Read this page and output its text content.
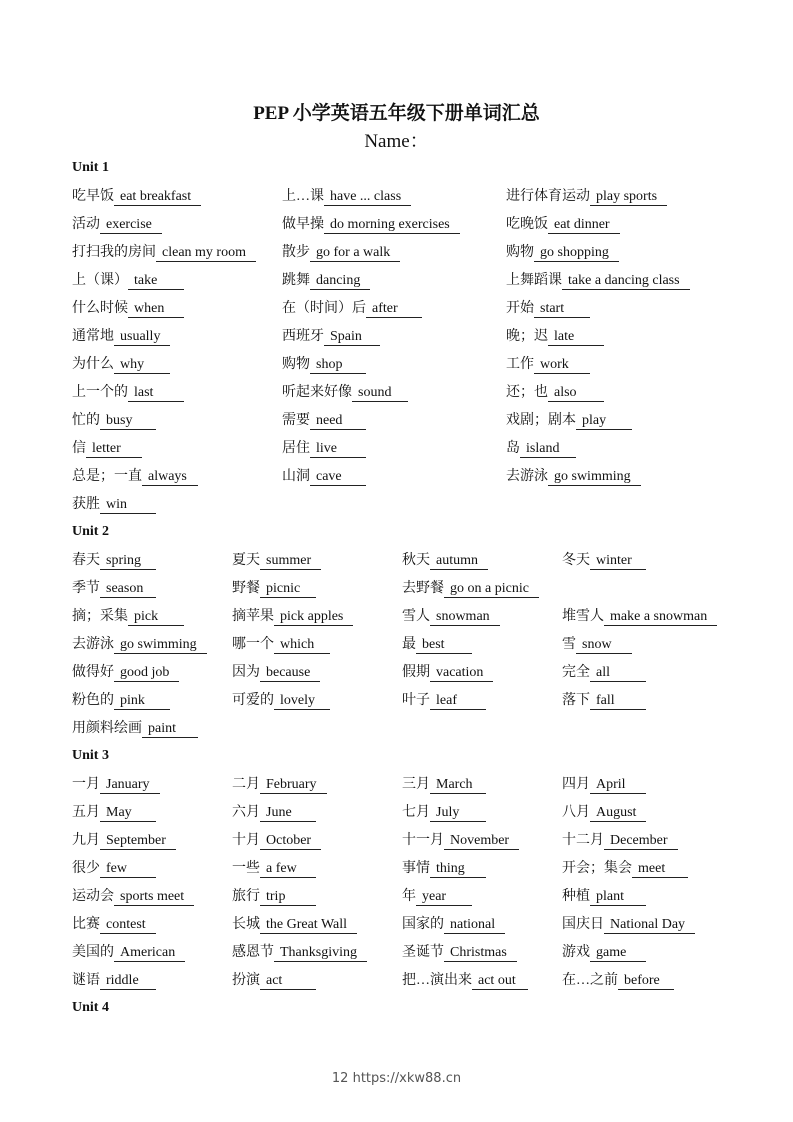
PEP 小学英语五年级下册单词汇总
Name：
Unit 1
吃早饭 eat breakfast	上…课 have ... class	进行体育运动 play sports
活动 exercise	做早操 do morning exercises	吃晚饭 eat dinner
打扫我的房间 clean my room	散步 go for a walk	购物 go shopping
上（课） take	跳舞 dancing	上舞蹈课 take a dancing class
什么时候 when	在（时间）后 after	开始 start
通常地 usually	西班牙 Spain	晚；迟 late
为什么 why	购物 shop	工作 work
上一个的 last	听起来好像 sound	还；也 also
忙的 busy	需要 need	戏剧；剧本 play
信 letter	居住 live	岛 island
总是；一直 always	山洞 cave	去游泳 go swimming
获胜 win
Unit 2
春天 spring	夏天 summer	秋天 autumn	冬天 winter
季节 season	野餐 picnic	去野餐 go on a picnic
摘；采集 pick	摘苹果 pick apples	雪人 snowman	堆雪人 make a snowman
去游泳 go swimming	哪一个 which	最 best	雪 snow
做得好 good job	因为 because	假期 vacation	完全 all
粉色的 pink	可爱的 lovely	叶子 leaf	落下 fall
用颜料绘画 paint
Unit 3
一月 January	二月 February	三月 March	四月 April
五月 May	六月 June	七月 July	八月 August
九月 September	十月 October	十一月 November	十二月 December
很少 few	一些 a few	事情 thing	开会；集会 meet
运动会 sports meet	旅行 trip	年 year	种植 plant
比赛 contest	长城 the Great Wall	国家的 national	国庆日 National Day
美国的 American	感恩节 Thanksgiving	圣诞节 Christmas	游戏 game
谜语 riddle	扮演 act	把…演出来 act out	在…之前 before
Unit 4
12 https://xkw88.cn
